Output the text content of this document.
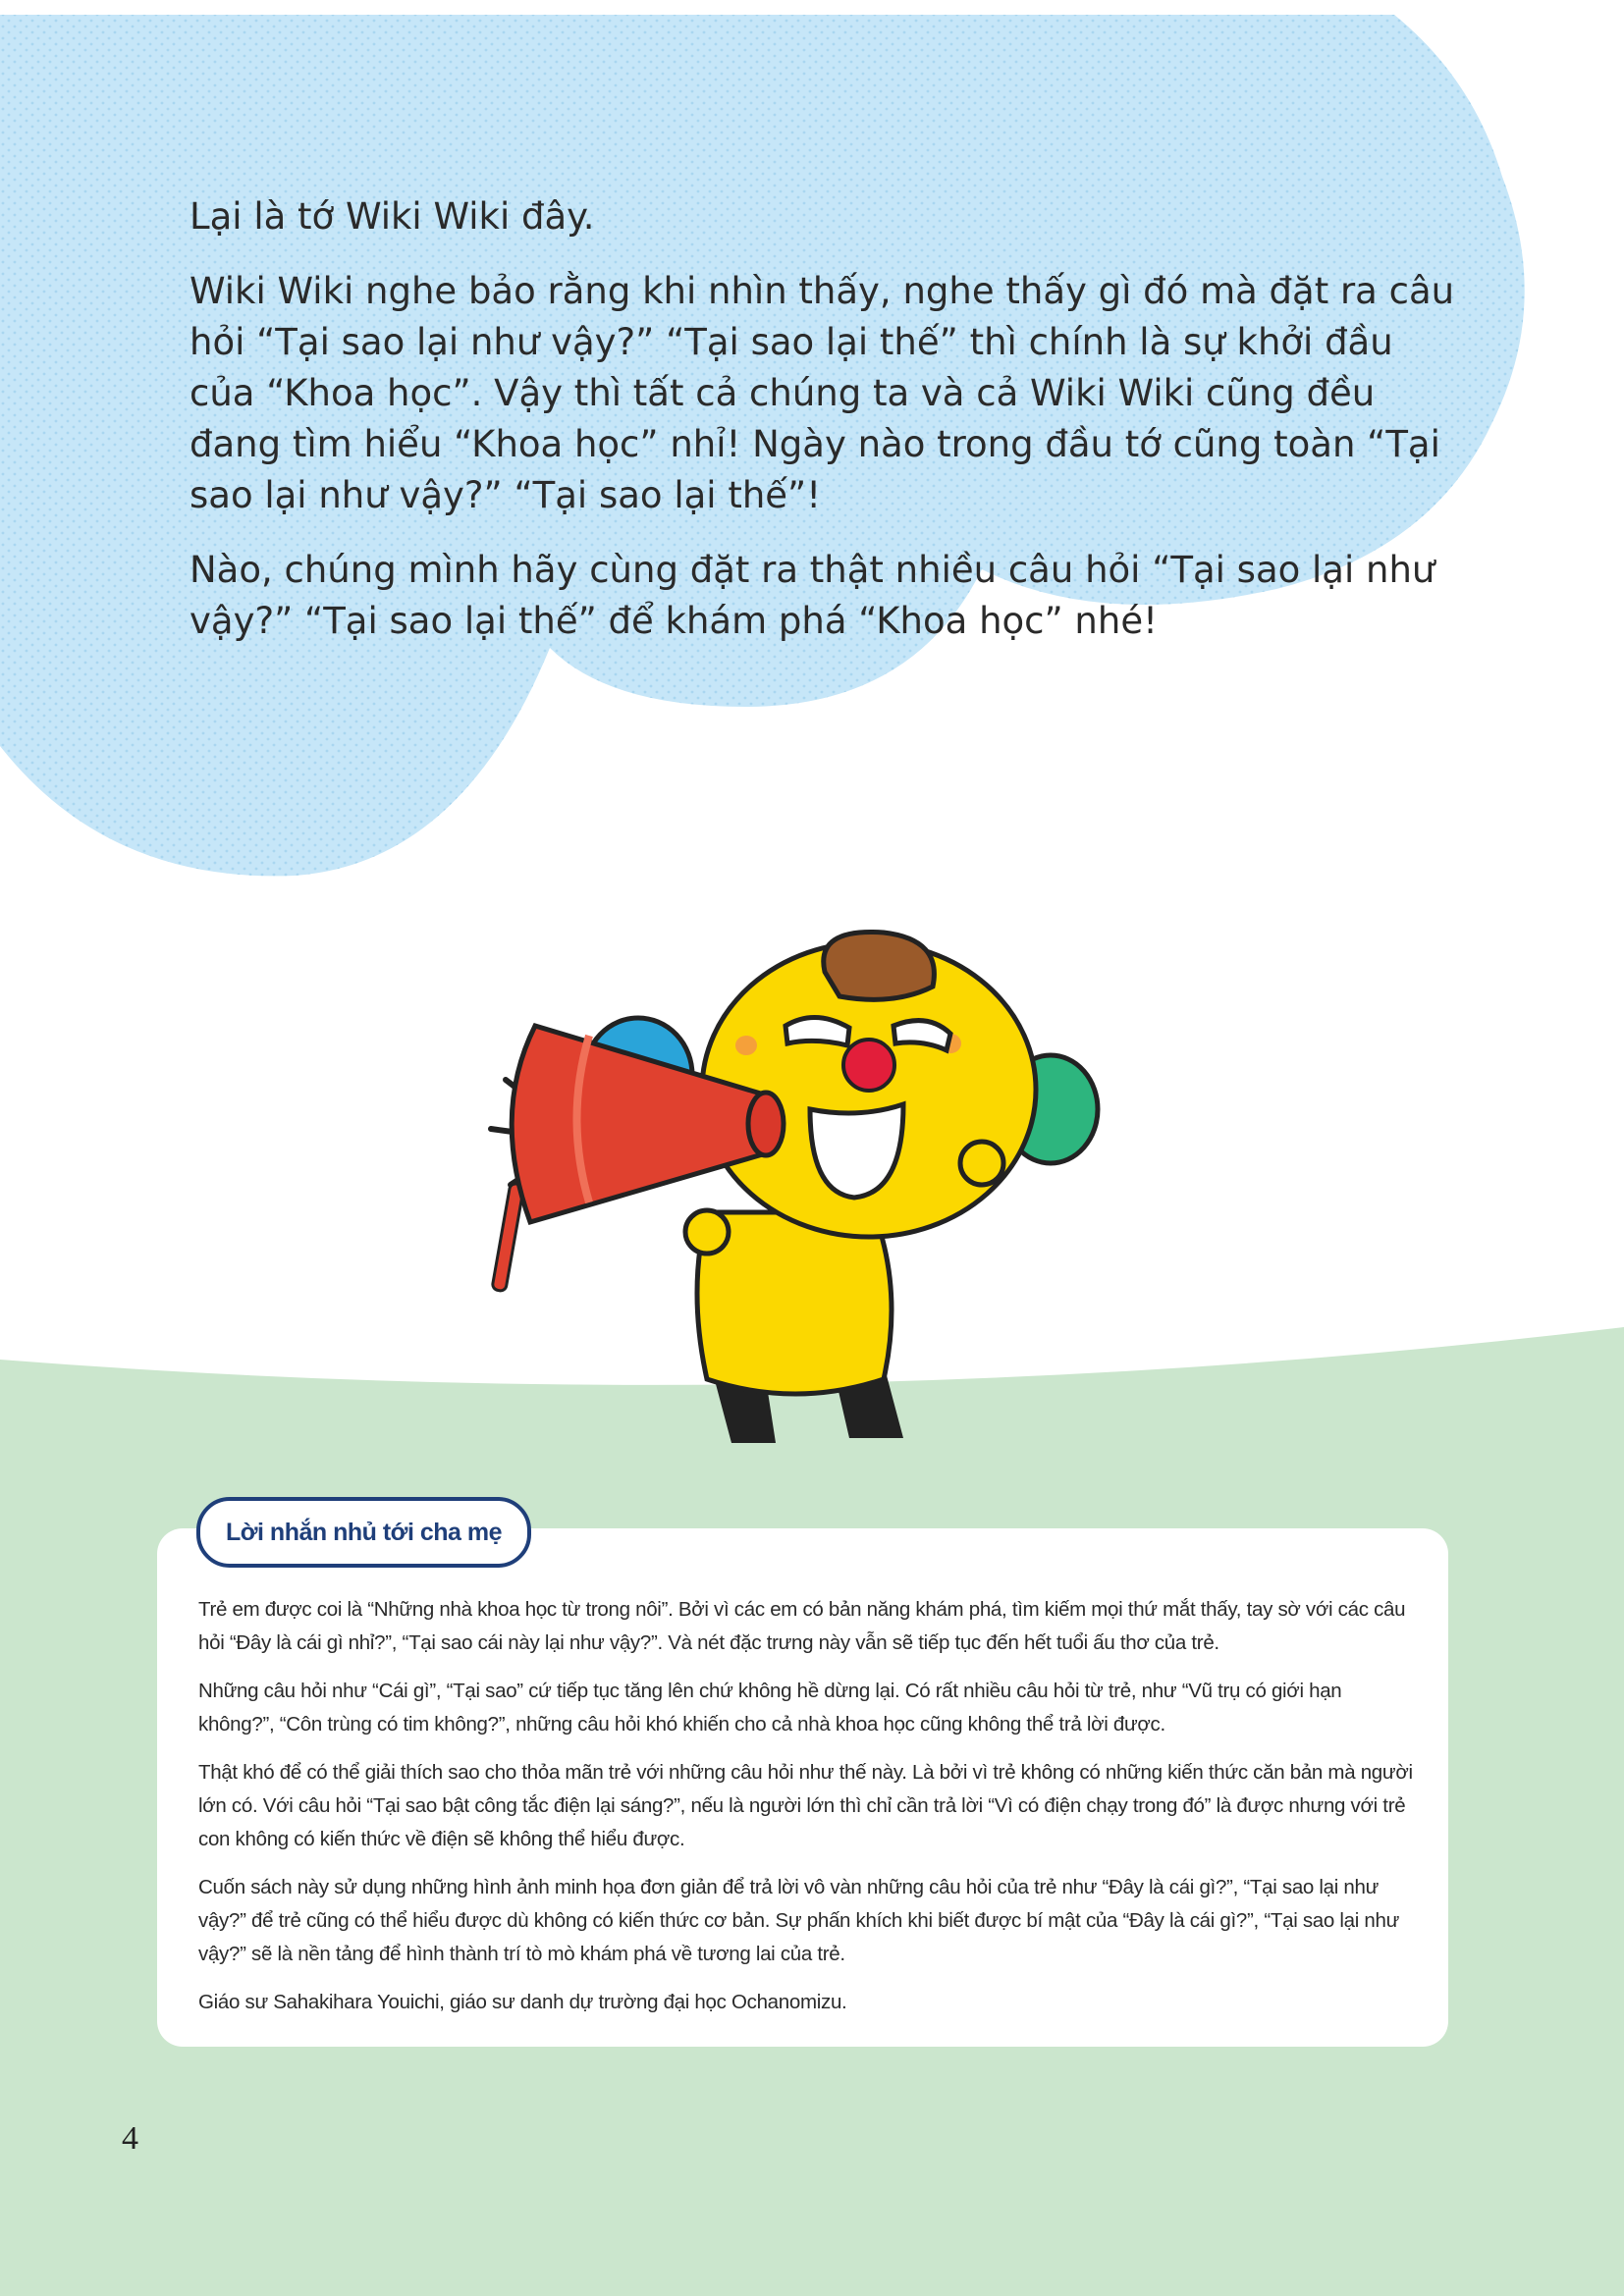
Lại là tớ Wiki Wiki đây.

Wiki Wiki nghe bảo rằng khi nhìn thấy, nghe thấy gì đó mà đặt ra câu hỏi “Tại sao lại như vậy?” “Tại sao lại thế” thì chính là sự khởi đầu của “Khoa học”. Vậy thì tất cả chúng ta và cả Wiki Wiki cũng đều đang tìm hiểu “Khoa học” nhỉ! Ngày nào trong đầu tớ cũng toàn “Tại sao lại như vậy?” “Tại sao lại thế”!

Nào, chúng mình hãy cùng đặt ra thật nhiều câu hỏi “Tại sao lại như vậy?” “Tại sao lại thế” để khám phá “Khoa học” nhé!

Lời nhắn nhủ tới cha mẹ

Trẻ em được coi là “Những nhà khoa học từ trong nôi”. Bởi vì các em có bản năng khám phá, tìm kiếm mọi thứ mắt thấy, tay sờ với các câu hỏi “Đây là cái gì nhỉ?”, “Tại sao cái này lại như vậy?”. Và nét đặc trưng này vẫn sẽ tiếp tục đến hết tuổi ấu thơ của trẻ.

Những câu hỏi như “Cái gì”, “Tại sao” cứ tiếp tục tăng lên chứ không hề dừng lại. Có rất nhiều câu hỏi từ trẻ, như “Vũ trụ có giới hạn không?”, “Côn trùng có tim không?”, những câu hỏi khó khiến cho cả nhà khoa học cũng không thể trả lời được.

Thật khó để có thể giải thích sao cho thỏa mãn trẻ với những câu hỏi như thế này. Là bởi vì trẻ không có những kiến thức căn bản mà người lớn có. Với câu hỏi “Tại sao bật công tắc điện lại sáng?”, nếu là người lớn thì chỉ cần trả lời “Vì có điện chạy trong đó” là được nhưng với trẻ con không có kiến thức về điện sẽ không thể hiểu được.

Cuốn sách này sử dụng những hình ảnh minh họa đơn giản để trả lời vô vàn những câu hỏi của trẻ như “Đây là cái gì?”, “Tại sao lại như vậy?” để trẻ cũng có thể hiểu được dù không có kiến thức cơ bản. Sự phấn khích khi biết được bí mật của “Đây là cái gì?”, “Tại sao lại như vậy?” sẽ là nền tảng để hình thành trí tò mò khám phá về tương lai của trẻ.

Giáo sư Sahakihara Youichi, giáo sư danh dự trường đại học Ochanomizu.

4
